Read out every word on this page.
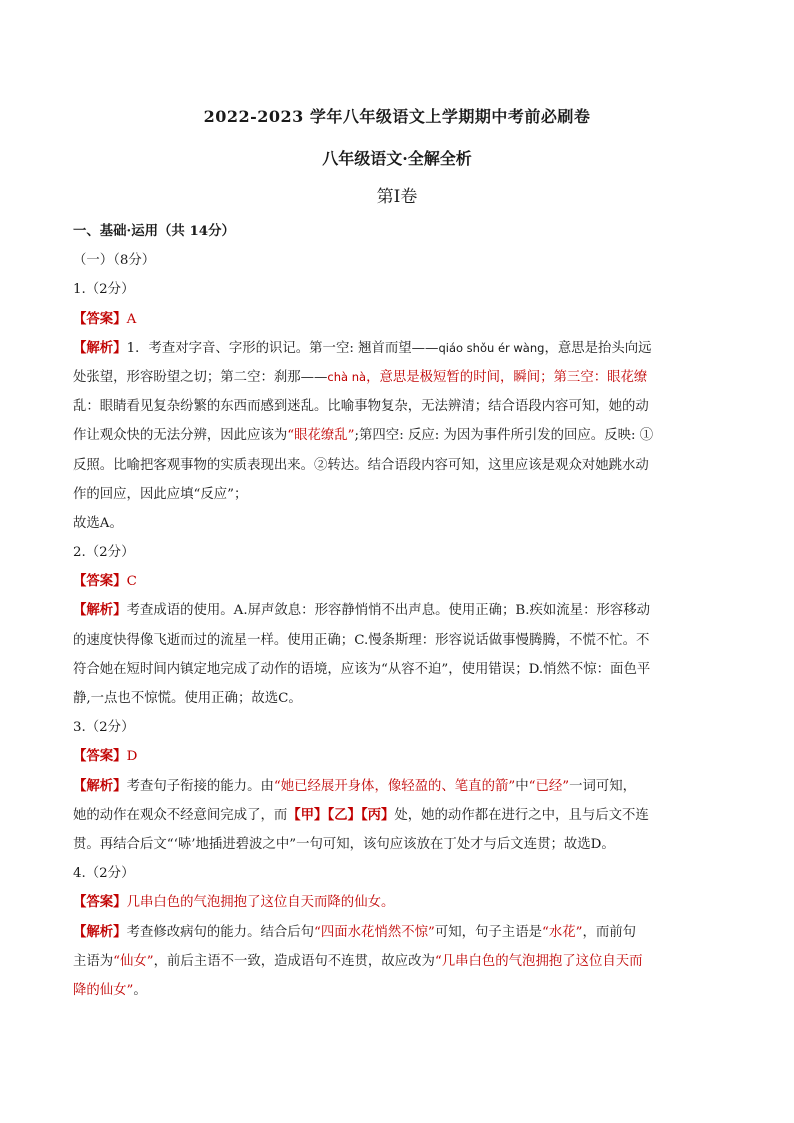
2022-2023 学年八年级语文上学期期中考前必刷卷
八年级语文·全解全析
第Ⅰ卷
一、基础·运用（共 14分）
（一）（8分）
1.（2分）
【答案】A
【解析】1．考查对字音、字形的识记。第一空: 翘首而望——qiáo shǒu ér wàng，意思是抬头向远
处张望，形容盼望之切；第二空：刹那——chà nà，意思是极短暂的时间，瞬间；第三空：眼花缭
乱：眼睛看见复杂纷繁的东西而感到迷乱。比喻事物复杂，无法辨清；结合语段内容可知，她的动
作让观众快的无法分辨，因此应该为“眼花缭乱”;第四空: 反应: 为因为事件所引发的回应。反映: ①
反照。比喻把客观事物的实质表现出来。②转达。结合语段内容可知，这里应该是观众对她跳水动
作的回应，因此应填“反应”；
故选A。
2.（2分）
【答案】C
【解析】考查成语的使用。A.屏声敛息：形容静悄悄不出声息。使用正确；B.疾如流星：形容移动
的速度快得像飞逝而过的流星一样。使用正确；C.慢条斯理：形容说话做事慢腾腾，不慌不忙。不
符合她在短时间内镇定地完成了动作的语境，应该为“从容不迫”，使用错误；D.悄然不惊：面色平
静,一点也不惊慌。使用正确；故选C。
3.（2分）
【答案】D
【解析】考查句子衔接的能力。由“她已经展开身体，像轻盈的、笔直的箭”中“已经”一词可知，
她的动作在观众不经意间完成了，而【甲】【乙】【丙】处，她的动作都在进行之中，且与后文不连
贯。再结合后文“‘哧’地插进碧波之中”一句可知，该句应该放在丁处才与后文连贯；故选D。
4.（2分）
【答案】几串白色的气泡拥抱了这位自天而降的仙女。
【解析】考查修改病句的能力。结合后句“四面水花悄然不惊”可知，句子主语是“水花”，而前句
主语为“仙女”，前后主语不一致，造成语句不连贯，故应改为“几串白色的气泡拥抱了这位自天而
降的仙女”。
